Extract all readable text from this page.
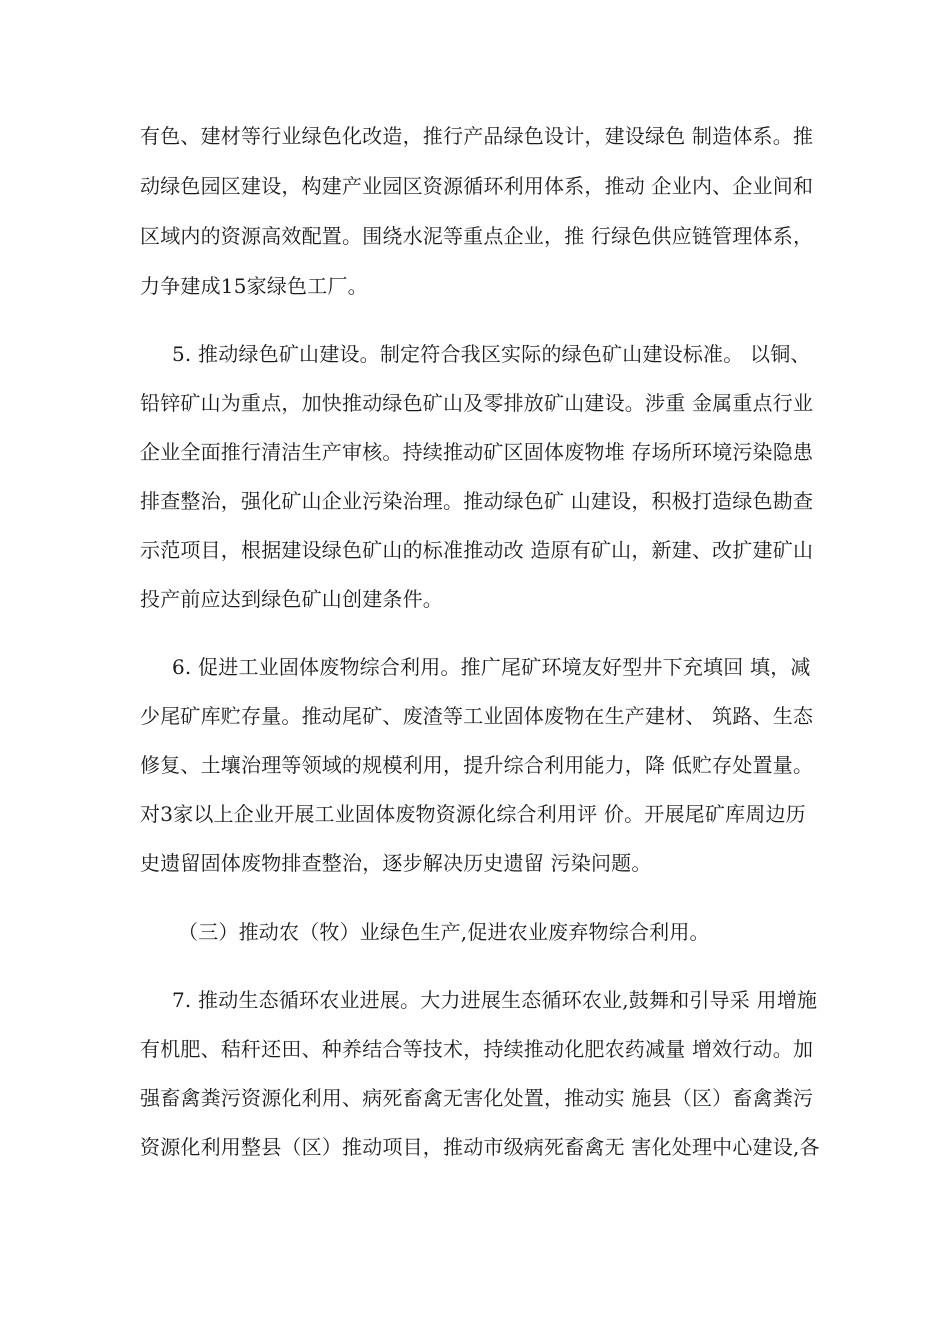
有色、建材等行业绿色化改造，推行产品绿色设计，建设绿色 制造体系。推
动绿色园区建设，构建产业园区资源循环利用体系，推动 企业内、企业间和
区域内的资源高效配置。围绕水泥等重点企业，推 行绿色供应链管理体系，
力争建成15家绿色工厂。
5. 推动绿色矿山建设。制定符合我区实际的绿色矿山建设标准。 以铜、
铅锌矿山为重点，加快推动绿色矿山及零排放矿山建设。涉重 金属重点行业
企业全面推行清洁生产审核。持续推动矿区固体废物堆 存场所环境污染隐患
排查整治，强化矿山企业污染治理。推动绿色矿 山建设，积极打造绿色勘查
示范项目，根据建设绿色矿山的标准推动改 造原有矿山，新建、改扩建矿山
投产前应达到绿色矿山创建条件。
6. 促进工业固体废物综合利用。推广尾矿环境友好型井下充填回 填，减
少尾矿库贮存量。推动尾矿、废渣等工业固体废物在生产建材、 筑路、生态
修复、土壤治理等领域的规模利用，提升综合利用能力，降 低贮存处置量。
对3家以上企业开展工业固体废物资源化综合利用评 价。开展尾矿库周边历
史遗留固体废物排查整治，逐步解决历史遗留 污染问题。
（三）推动农（牧）业绿色生产,促进农业废弃物综合利用。
7. 推动生态循环农业进展。大力进展生态循环农业,鼓舞和引导采 用增施
有机肥、秸秆还田、种养结合等技术，持续推动化肥农药减量 增效行动。加
强畜禽粪污资源化利用、病死畜禽无害化处置，推动实 施县（区）畜禽粪污
资源化利用整县（区）推动项目，推动市级病死畜禽无 害化处理中心建设,各
